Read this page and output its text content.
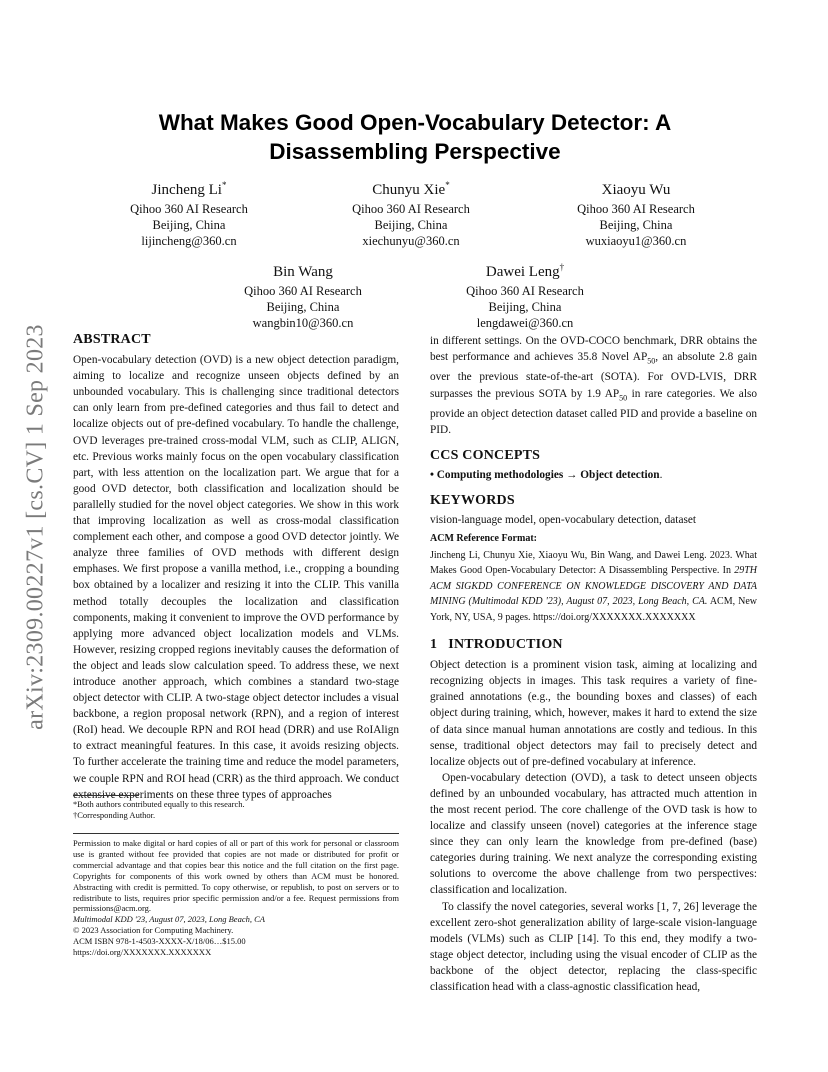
arXiv:2309.00227v1 [cs.CV] 1 Sep 2023
What Makes Good Open-Vocabulary Detector: A Disassembling Perspective
Jincheng Li*
Qihoo 360 AI Research
Beijing, China
lijincheng@360.cn
Chunyu Xie*
Qihoo 360 AI Research
Beijing, China
xiechunyu@360.cn
Xiaoyu Wu
Qihoo 360 AI Research
Beijing, China
wuxiaoyu1@360.cn
Bin Wang
Qihoo 360 AI Research
Beijing, China
wangbin10@360.cn
Dawei Leng†
Qihoo 360 AI Research
Beijing, China
lengdawei@360.cn
ABSTRACT

Open-vocabulary detection (OVD) is a new object detection paradigm, aiming to localize and recognize unseen objects defined by an unbounded vocabulary. This is challenging since traditional detectors can only learn from pre-defined categories and thus fail to detect and localize objects out of pre-defined vocabulary. To handle the challenge, OVD leverages pre-trained cross-modal VLM, such as CLIP, ALIGN, etc. Previous works mainly focus on the open vocabulary classification part, with less attention on the localization part. We argue that for a good OVD detector, both classification and localization should be parallelly studied for the novel object categories. We show in this work that improving localization as well as cross-modal classification complement each other, and compose a good OVD detector jointly. We analyze three families of OVD methods with different design emphases. We first propose a vanilla method, i.e., cropping a bounding box obtained by a localizer and resizing it into the CLIP. This vanilla method totally decouples the localization and classification components, making it convenient to improve the OVD performance by applying more advanced object localization models and VLMs. However, resizing cropped regions inevitably causes the deformation of the object and leads slow calculation speed. To address these, we next introduce another approach, which combines a standard two-stage object detector with CLIP. A two-stage object detector includes a visual backbone, a region proposal network (RPN), and a region of interest (RoI) head. We decouple RPN and ROI head (DRR) and use RoIAlign to extract meaningful features. In this case, it avoids resizing objects. To further accelerate the training time and reduce the model parameters, we couple RPN and ROI head (CRR) as the third approach. We conduct extensive experiments on these three types of approaches

*Both authors contributed equally to this research.
†Corresponding Author.
Permission to make digital or hard copies of all or part of this work for personal or classroom use is granted without fee provided that copies are not made or distributed for profit or commercial advantage and that copies bear this notice and the full citation on the first page. Copyrights for components of this work owned by others than ACM must be honored. Abstracting with credit is permitted. To copy otherwise, or republish, to post on servers or to redistribute to lists, requires prior specific permission and/or a fee. Request permissions from permissions@acm.org.
Multimodal KDD '23, August 07, 2023, Long Beach, CA
© 2023 Association for Computing Machinery.
ACM ISBN 978-1-4503-XXXX-X/18/06…$15.00
https://doi.org/XXXXXXX.XXXXXXX

in different settings. On the OVD-COCO benchmark, DRR obtains the best performance and achieves 35.8 Novel $AP_{50}$, an absolute 2.8 gain over the previous state-of-the-art (SOTA). For OVD-LVIS, DRR surpasses the previous SOTA by 1.9 $AP_{50}$ in rare categories. We also provide an object detection dataset called PID and provide a baseline on PID.

CCS CONCEPTS

• Computing methodologies → Object detection.

KEYWORDS

vision-language model, open-vocabulary detection, dataset

ACM Reference Format:

Jincheng Li, Chunyu Xie, Xiaoyu Wu, Bin Wang, and Dawei Leng. 2023. What Makes Good Open-Vocabulary Detector: A Disassembling Perspective. In 29TH ACM SIGKDD CONFERENCE ON KNOWLEDGE DISCOVERY AND DATA MINING (Multimodal KDD '23), August 07, 2023, Long Beach, CA. ACM, New York, NY, USA, 9 pages. https://doi.org/XXXXXXX.XXXXXXX

1   INTRODUCTION

Object detection is a prominent vision task, aiming at localizing and recognizing objects in images. This task requires a variety of fine-grained annotations (e.g., the bounding boxes and classes) of each object during training, which, however, makes it hard to extend the size of data since manual human annotations are costly and tedious. In this sense, traditional object detectors may fail to precisely detect and localize objects out of pre-defined vocabulary at inference.

Open-vocabulary detection (OVD), a task to detect unseen objects defined by an unbounded vocabulary, has attracted much attention in the most recent period. The core challenge of the OVD task is how to localize and classify unseen (novel) categories at the inference stage since they can only learn the knowledge from pre-defined (base) categories during training. We next analyze the corresponding existing solutions to overcome the above challenge from two perspectives: classification and localization.

To classify the novel categories, several works [1, 7, 26] leverage the excellent zero-shot generalization ability of large-scale vision-language models (VLMs) such as CLIP [14]. To this end, they modify a two-stage object detector, including using the visual encoder of CLIP as the backbone of the object detector, replacing the class-specific classification head with a class-agnostic classification head,
